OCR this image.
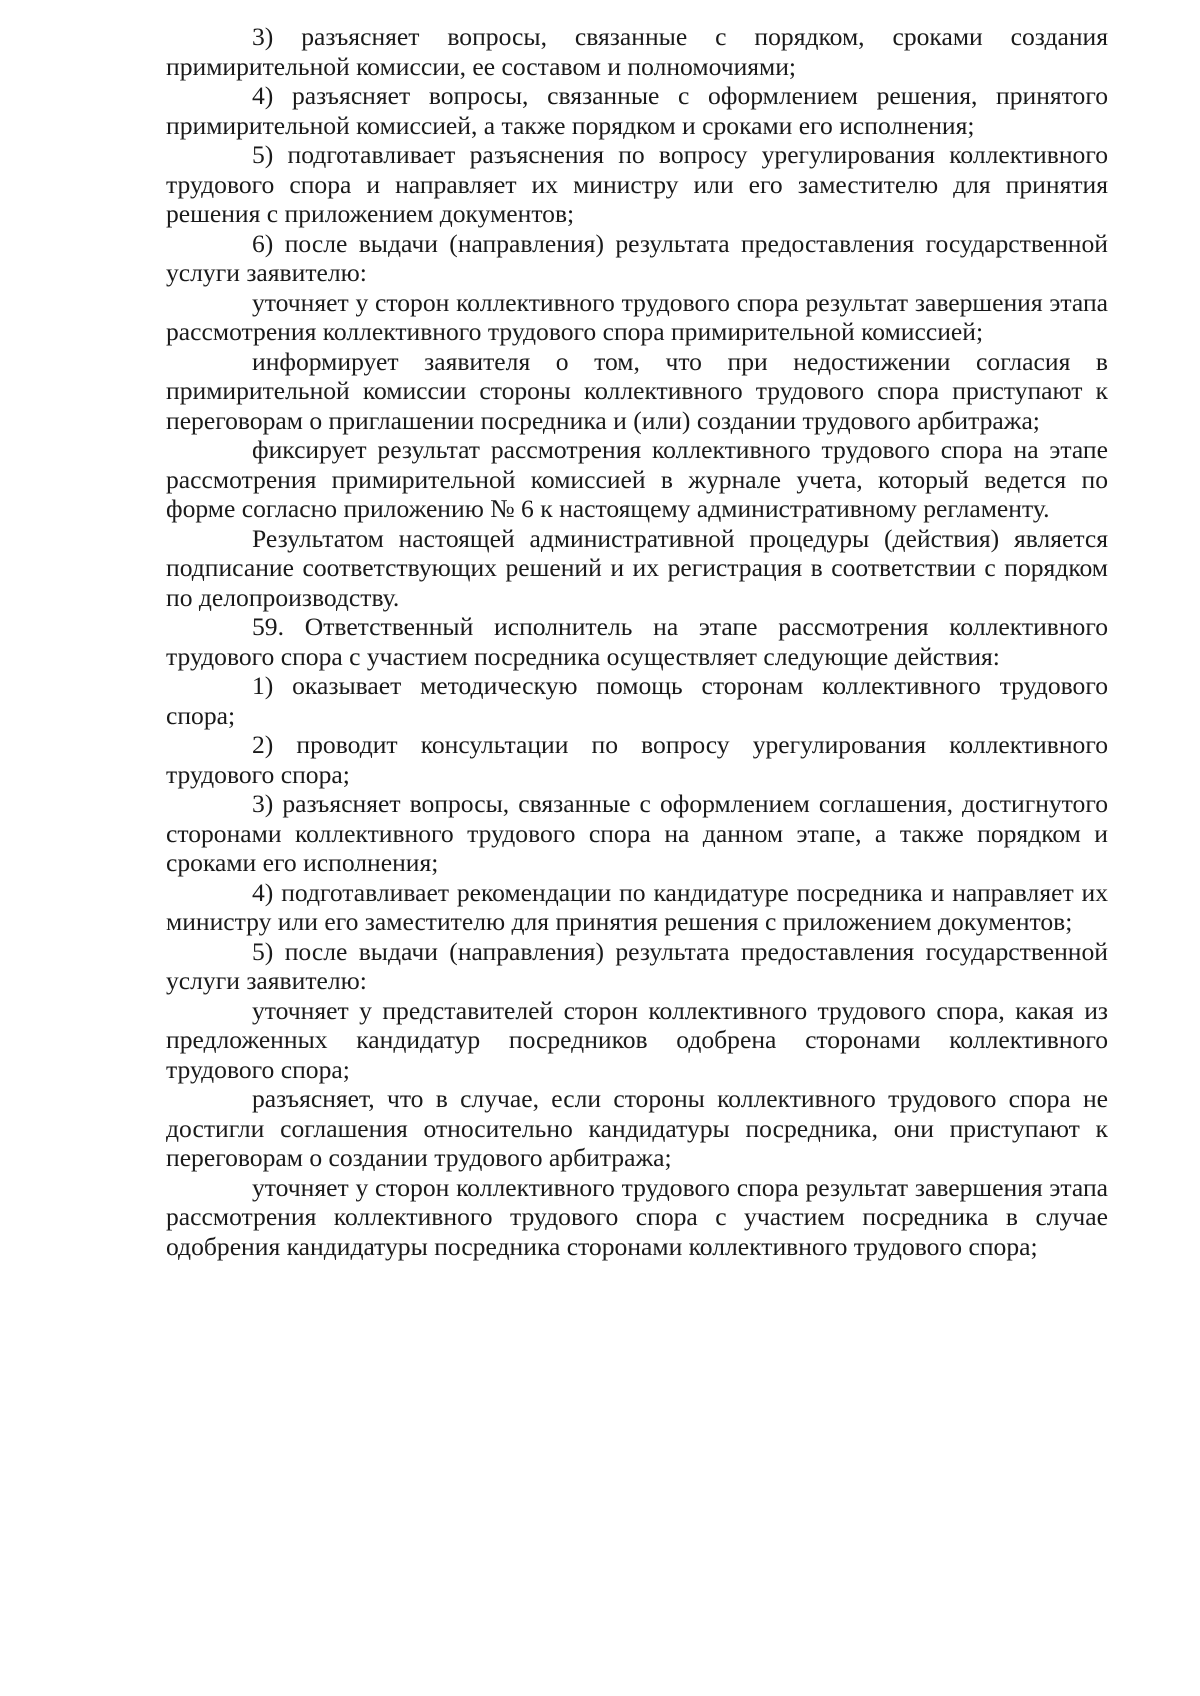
3) разъясняет вопросы, связанные с порядком, сроками создания примирительной комиссии, ее составом и полномочиями;

4) разъясняет вопросы, связанные с оформлением решения, принятого примирительной комиссией, а также порядком и сроками его исполнения;

5) подготавливает разъяснения по вопросу урегулирования коллективного трудового спора и направляет их министру или его заместителю для принятия решения с приложением документов;

6) после выдачи (направления) результата предоставления государственной услуги заявителю:

уточняет у сторон коллективного трудового спора результат завершения этапа рассмотрения коллективного трудового спора примирительной комиссией;

информирует заявителя о том, что при недостижении согласия в примирительной комиссии стороны коллективного трудового спора приступают к переговорам о приглашении посредника и (или) создании трудового арбитража;

фиксирует результат рассмотрения коллективного трудового спора на этапе рассмотрения примирительной комиссией в журнале учета, который ведется по форме согласно приложению № 6 к настоящему административному регламенту.

Результатом настоящей административной процедуры (действия) является подписание соответствующих решений и их регистрация в соответствии с порядком по делопроизводству.

59. Ответственный исполнитель на этапе рассмотрения коллективного трудового спора с участием посредника осуществляет следующие действия:

1) оказывает методическую помощь сторонам коллективного трудового спора;

2) проводит консультации по вопросу урегулирования коллективного трудового спора;

3) разъясняет вопросы, связанные с оформлением соглашения, достигнутого сторонами коллективного трудового спора на данном этапе, а также порядком и сроками его исполнения;

4) подготавливает рекомендации по кандидатуре посредника и направляет их министру или его заместителю для принятия решения с приложением документов;

5) после выдачи (направления) результата предоставления государственной услуги заявителю:

уточняет у представителей сторон коллективного трудового спора, какая из предложенных кандидатур посредников одобрена сторонами коллективного трудового спора;

разъясняет, что в случае, если стороны коллективного трудового спора не достигли соглашения относительно кандидатуры посредника, они приступают к переговорам о создании трудового арбитража;

уточняет у сторон коллективного трудового спора результат завершения этапа рассмотрения коллективного трудового спора с участием посредника в случае одобрения кандидатуры посредника сторонами коллективного трудового спора;
